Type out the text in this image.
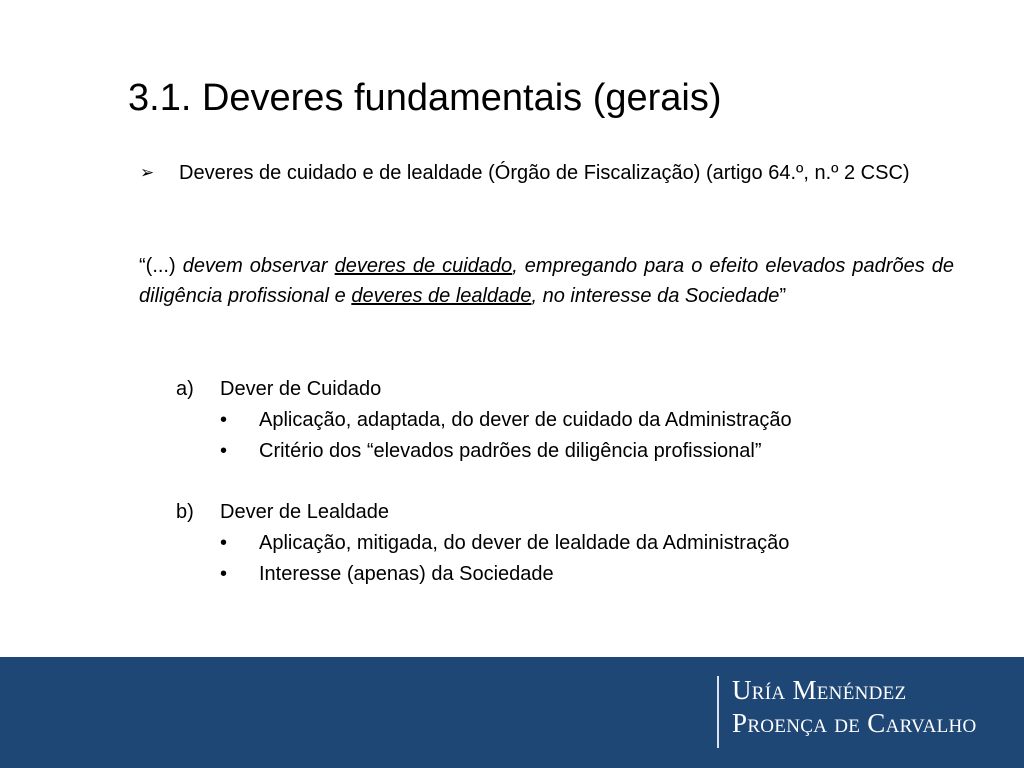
3.1. Deveres fundamentais (gerais)
➢ Deveres de cuidado e de lealdade (Órgão de Fiscalização) (artigo 64.º, n.º 2 CSC)

“(...) devem observar deveres de cuidado, empregando para o efeito elevados padrões de diligência profissional e deveres de lealdade, no interesse da Sociedade”

a) Dever de Cuidado
• Aplicação, adaptada, do dever de cuidado da Administração
• Critério dos “elevados padrões de diligência profissional”
b) Dever de Lealdade
• Aplicação, mitigada, do dever de lealdade da Administração
• Interesse (apenas) da Sociedade
Uría Menéndez
Proença de Carvalho
